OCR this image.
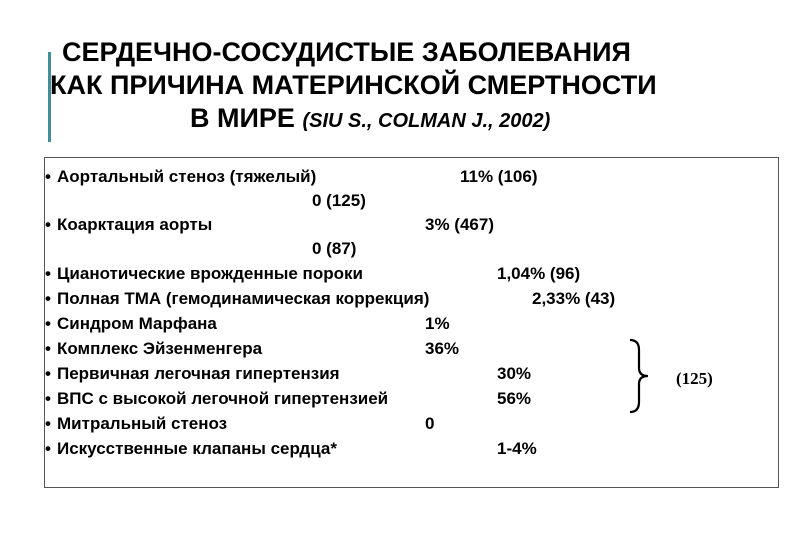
СЕРДЕЧНО-СОСУДИСТЫЕ ЗАБОЛЕВАНИЯ
КАК ПРИЧИНА МАТЕРИНСКОЙ СМЕРТНОСТИ
В МИРЕ (SIU S., COLMAN J., 2002)
• Аортальный стеноз (тяжелый)	11% (106)
0 (125)
• Коарктация аорты	3% (467)
0 (87)
• Цианотические врожденные пороки	1,04% (96)
• Полная ТМА (гемодинамическая коррекция)	2,33% (43)
• Синдром Марфана	1%
• Комплекс Эйзенменгера	36%
• Первичная легочная гипертензия	30%
• ВПС с высокой легочной гипертензией	56%
• Митральный стеноз	0
• Искусственные клапаны сердца*	1-4%
(125)
